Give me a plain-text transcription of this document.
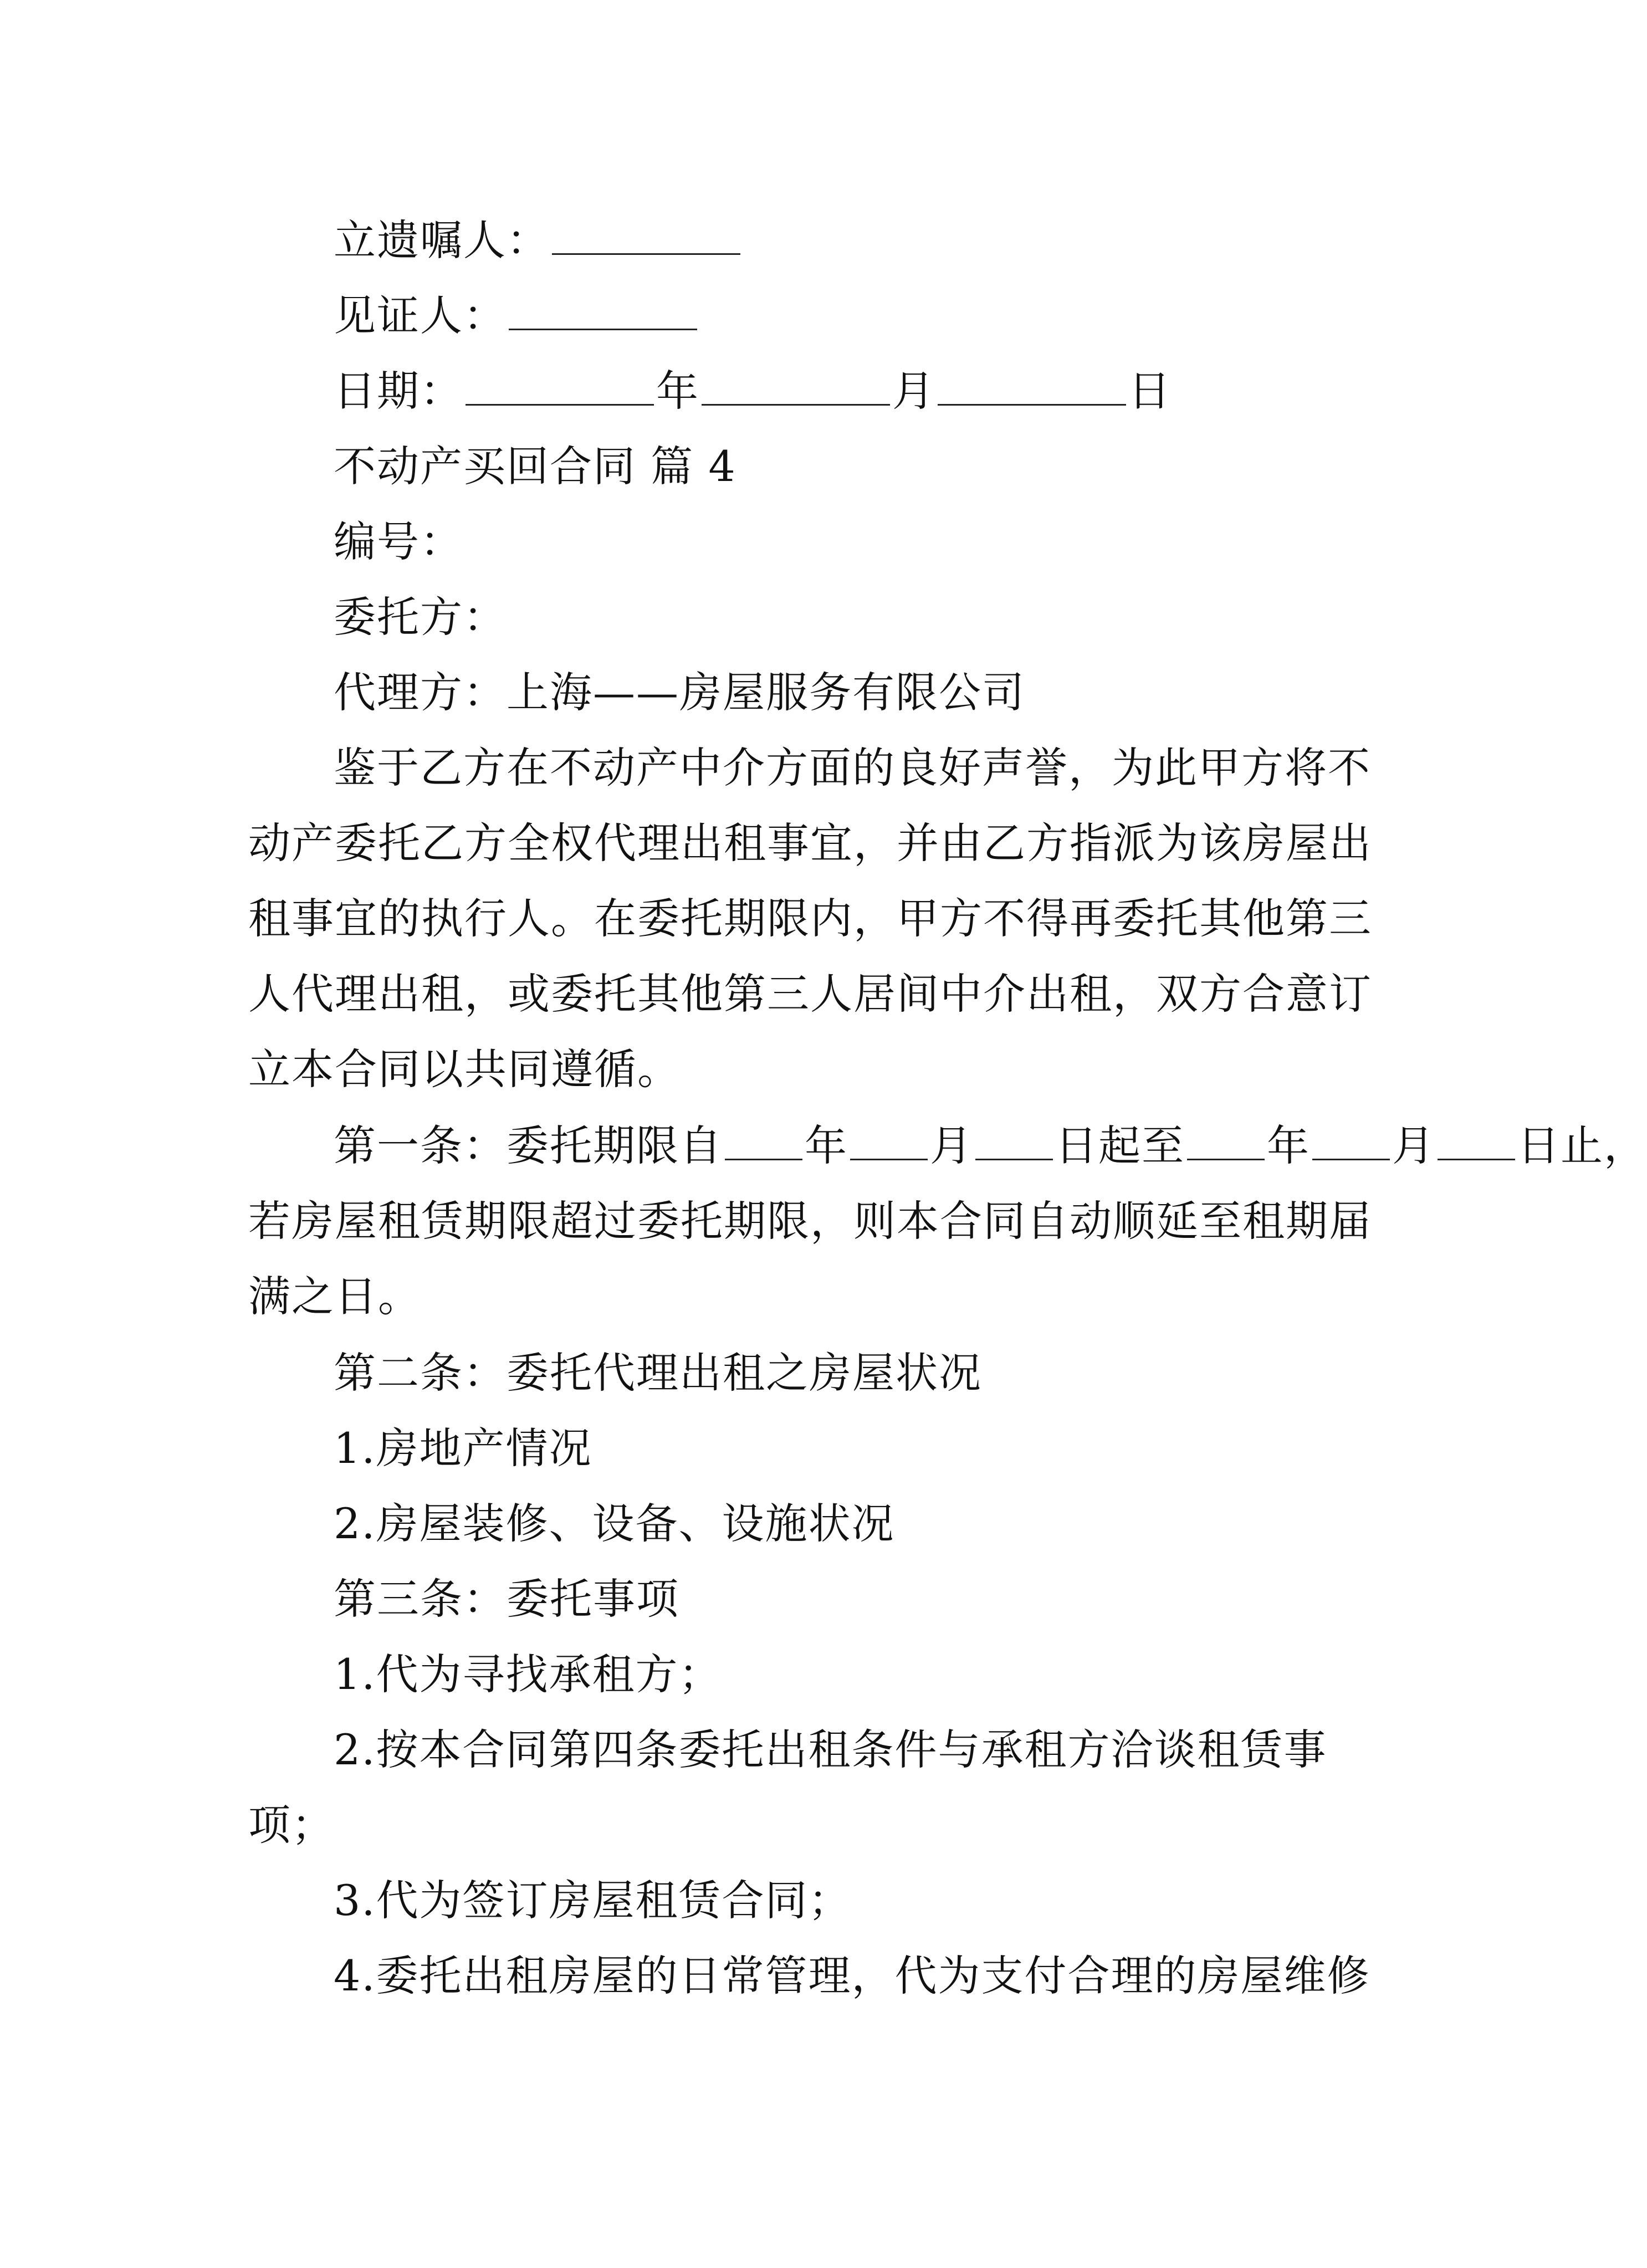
立遗嘱人：
见证人：
日期：	年	月	日
不动产买回合同 篇 4
编号：
委托方：
代理方：上海——房屋服务有限公司
鉴于乙方在不动产中介方面的良好声誉，为此甲方将不
动产委托乙方全权代理出租事宜，并由乙方指派为该房屋出
租事宜的执行人。在委托期限内，甲方不得再委托其他第三
人代理出租，或委托其他第三人居间中介出租，双方合意订
立本合同以共同遵循。
第一条：委托期限自 年 月 日起至 年 月 日止，
若房屋租赁期限超过委托期限，则本合同自动顺延至租期届
满之日。
第二条：委托代理出租之房屋状况
1.房地产情况
2.房屋装修、设备、设施状况
第三条：委托事项
1.代为寻找承租方；
2.按本合同第四条委托出租条件与承租方洽谈租赁事
项；
3.代为签订房屋租赁合同；
4.委托出租房屋的日常管理，代为支付合理的房屋维修
